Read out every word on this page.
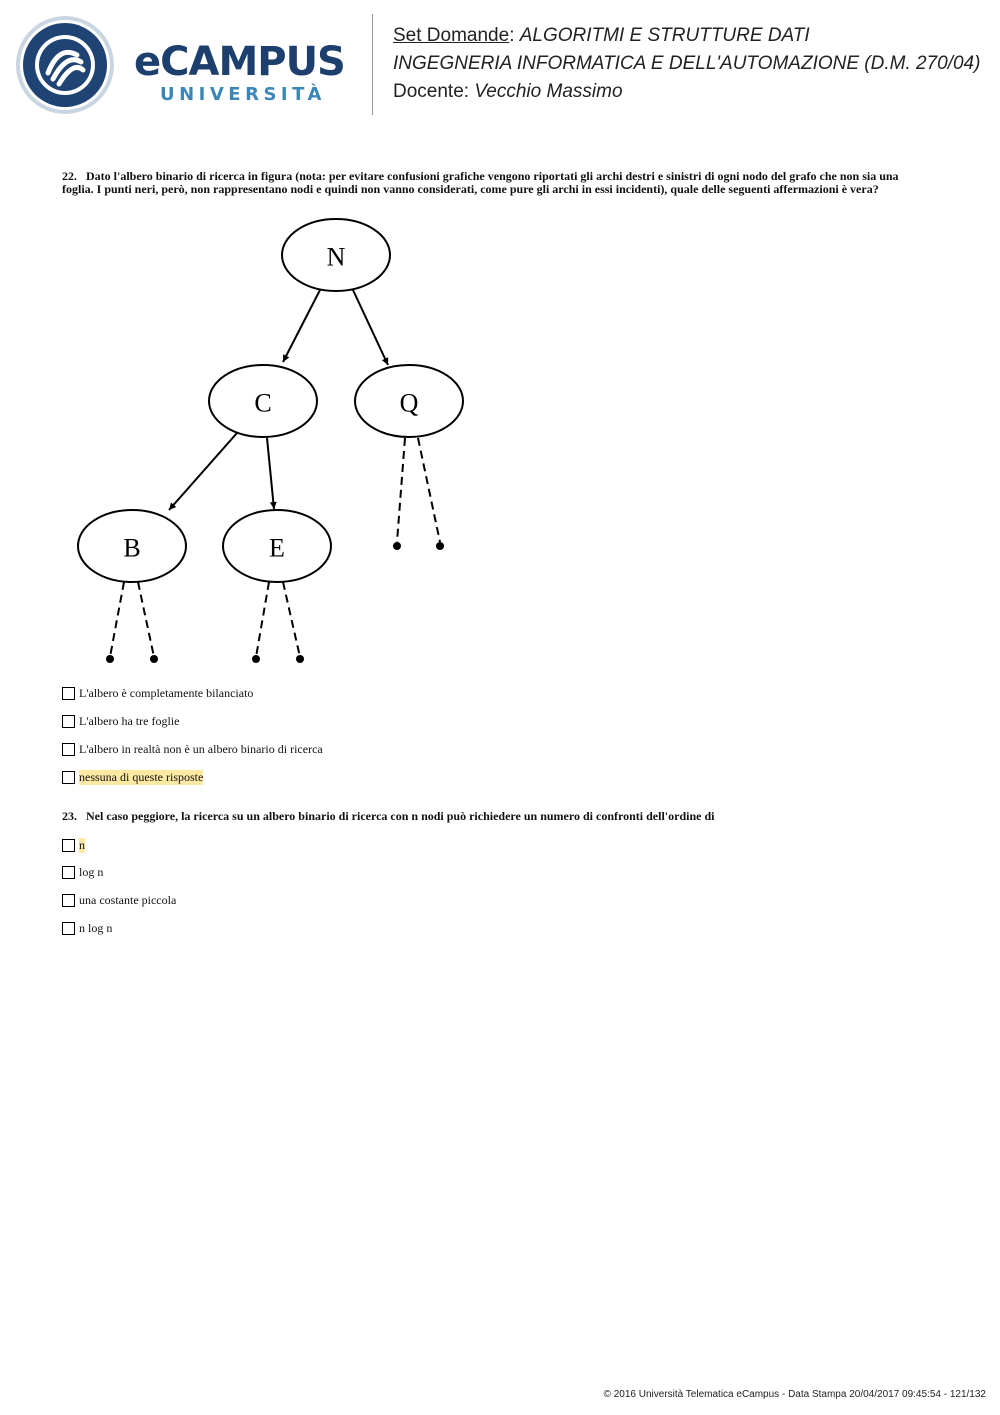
eCAMPUS
UNIVERSITÀ
Set Domande: ALGORITMI E STRUTTURE DATI
INGEGNERIA INFORMATICA E DELL'AUTOMAZIONE (D.M. 270/04)
Docente: Vecchio Massimo
22. Dato l'albero binario di ricerca in figura (nota: per evitare confusioni grafiche vengono riportati gli archi destri e sinistri di ogni nodo del grafo che non sia una foglia. I punti neri, però, non rappresentano nodi e quindi non vanno considerati, come pure gli archi in essi incidenti), quale delle seguenti affermazioni è vera?
N
C	Q
B	E
L'albero è completamente bilanciato
L'albero ha tre foglie
L'albero in realtà non è un albero binario di ricerca
nessuna di queste risposte
23. Nel caso peggiore, la ricerca su un albero binario di ricerca con n nodi può richiedere un numero di confronti dell'ordine di
n
log n
una costante piccola
n log n
© 2016 Università Telematica eCampus - Data Stampa 20/04/2017 09:45:54 - 121/132
